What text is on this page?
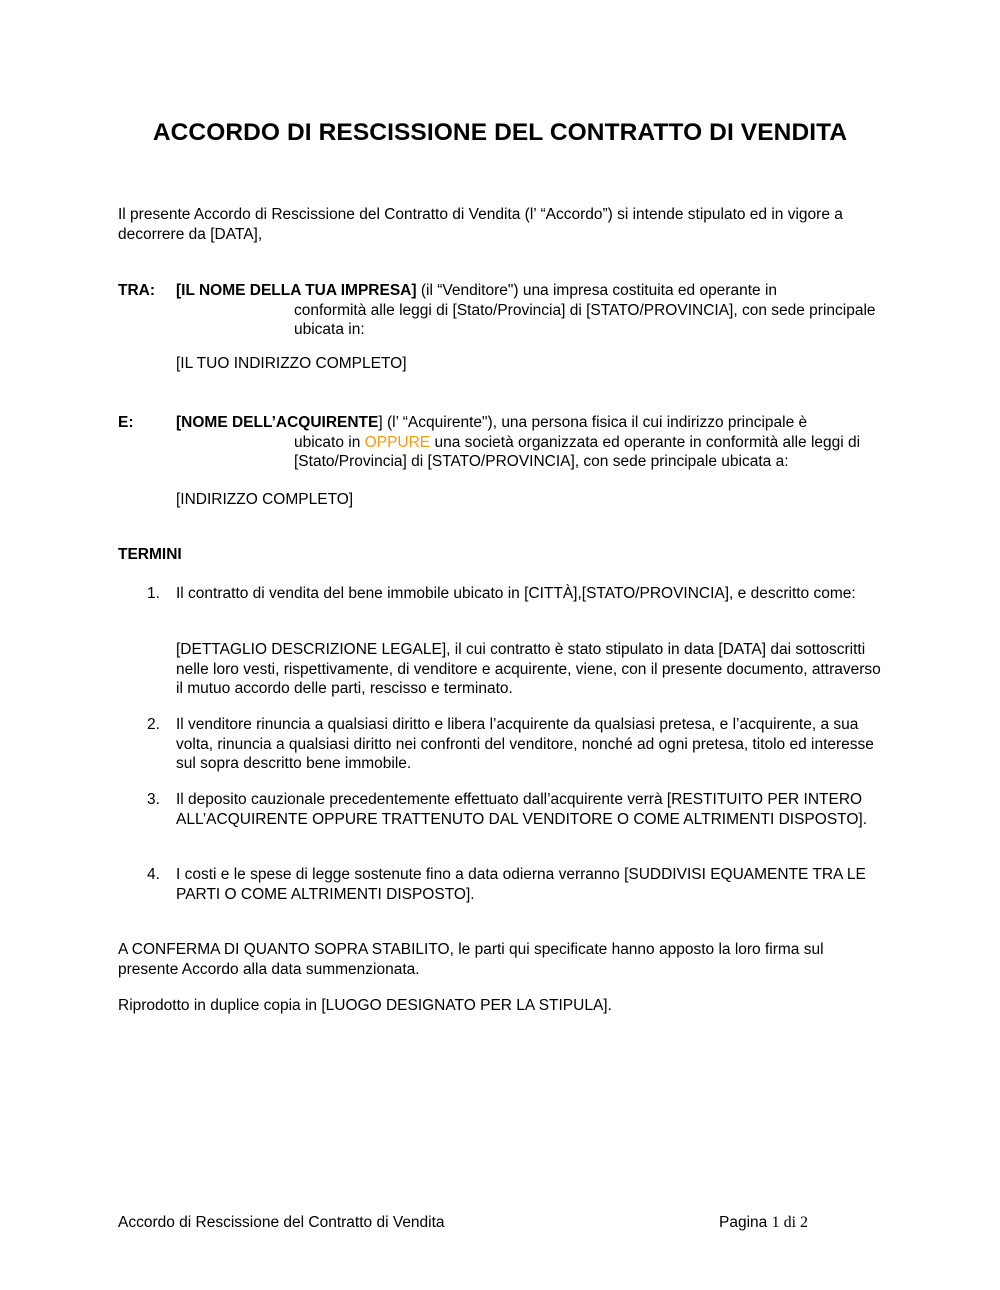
ACCORDO DI RESCISSIONE DEL CONTRATTO DI VENDITA
Il presente Accordo di Rescissione del Contratto di Vendita (l’ “Accordo”) si intende stipulato ed in vigore a decorrere da [DATA],
TRA: [IL NOME DELLA TUA IMPRESA] (il “Venditore") una impresa costituita ed operante in
conformità alle leggi di [Stato/Provincia] di [STATO/PROVINCIA], con sede principale ubicata in:
[IL TUO INDIRIZZO COMPLETO]
E:	[NOME DELL’ACQUIRENTE] (l’ “Acquirente"), una persona fisica il cui indirizzo principale è
ubicato in OPPURE una società organizzata ed operante in conformità alle leggi di [Stato/Provincia] di [STATO/PROVINCIA], con sede principale ubicata a:
[INDIRIZZO COMPLETO]
TERMINI
1. Il contratto di vendita del bene immobile ubicato in [CITTÀ],[STATO/PROVINCIA], e descritto come:
[DETTAGLIO DESCRIZIONE LEGALE], il cui contratto è stato stipulato in data [DATA] dai sottoscritti nelle loro vesti, rispettivamente, di venditore e acquirente, viene, con il presente documento, attraverso il mutuo accordo delle parti, rescisso e terminato.
2. Il venditore rinuncia a qualsiasi diritto e libera l’acquirente da qualsiasi pretesa, e l’acquirente, a sua volta, rinuncia a qualsiasi diritto nei confronti del venditore, nonché ad ogni pretesa, titolo ed interesse sul sopra descritto bene immobile.
3. Il deposito cauzionale precedentemente effettuato dall’acquirente verrà [RESTITUITO PER INTERO ALL’ACQUIRENTE OPPURE TRATTENUTO DAL VENDITORE O COME ALTRIMENTI DISPOSTO].
4. I costi e le spese di legge sostenute fino a data odierna verranno [SUDDIVISI EQUAMENTE TRA LE PARTI O COME ALTRIMENTI DISPOSTO].
A CONFERMA DI QUANTO SOPRA STABILITO, le parti qui specificate hanno apposto la loro firma sul presente Accordo alla data summenzionata.
Riprodotto in duplice copia in [LUOGO DESIGNATO PER LA STIPULA].
Accordo di Rescissione del Contratto di Vendita	Pagina 1 di 2
